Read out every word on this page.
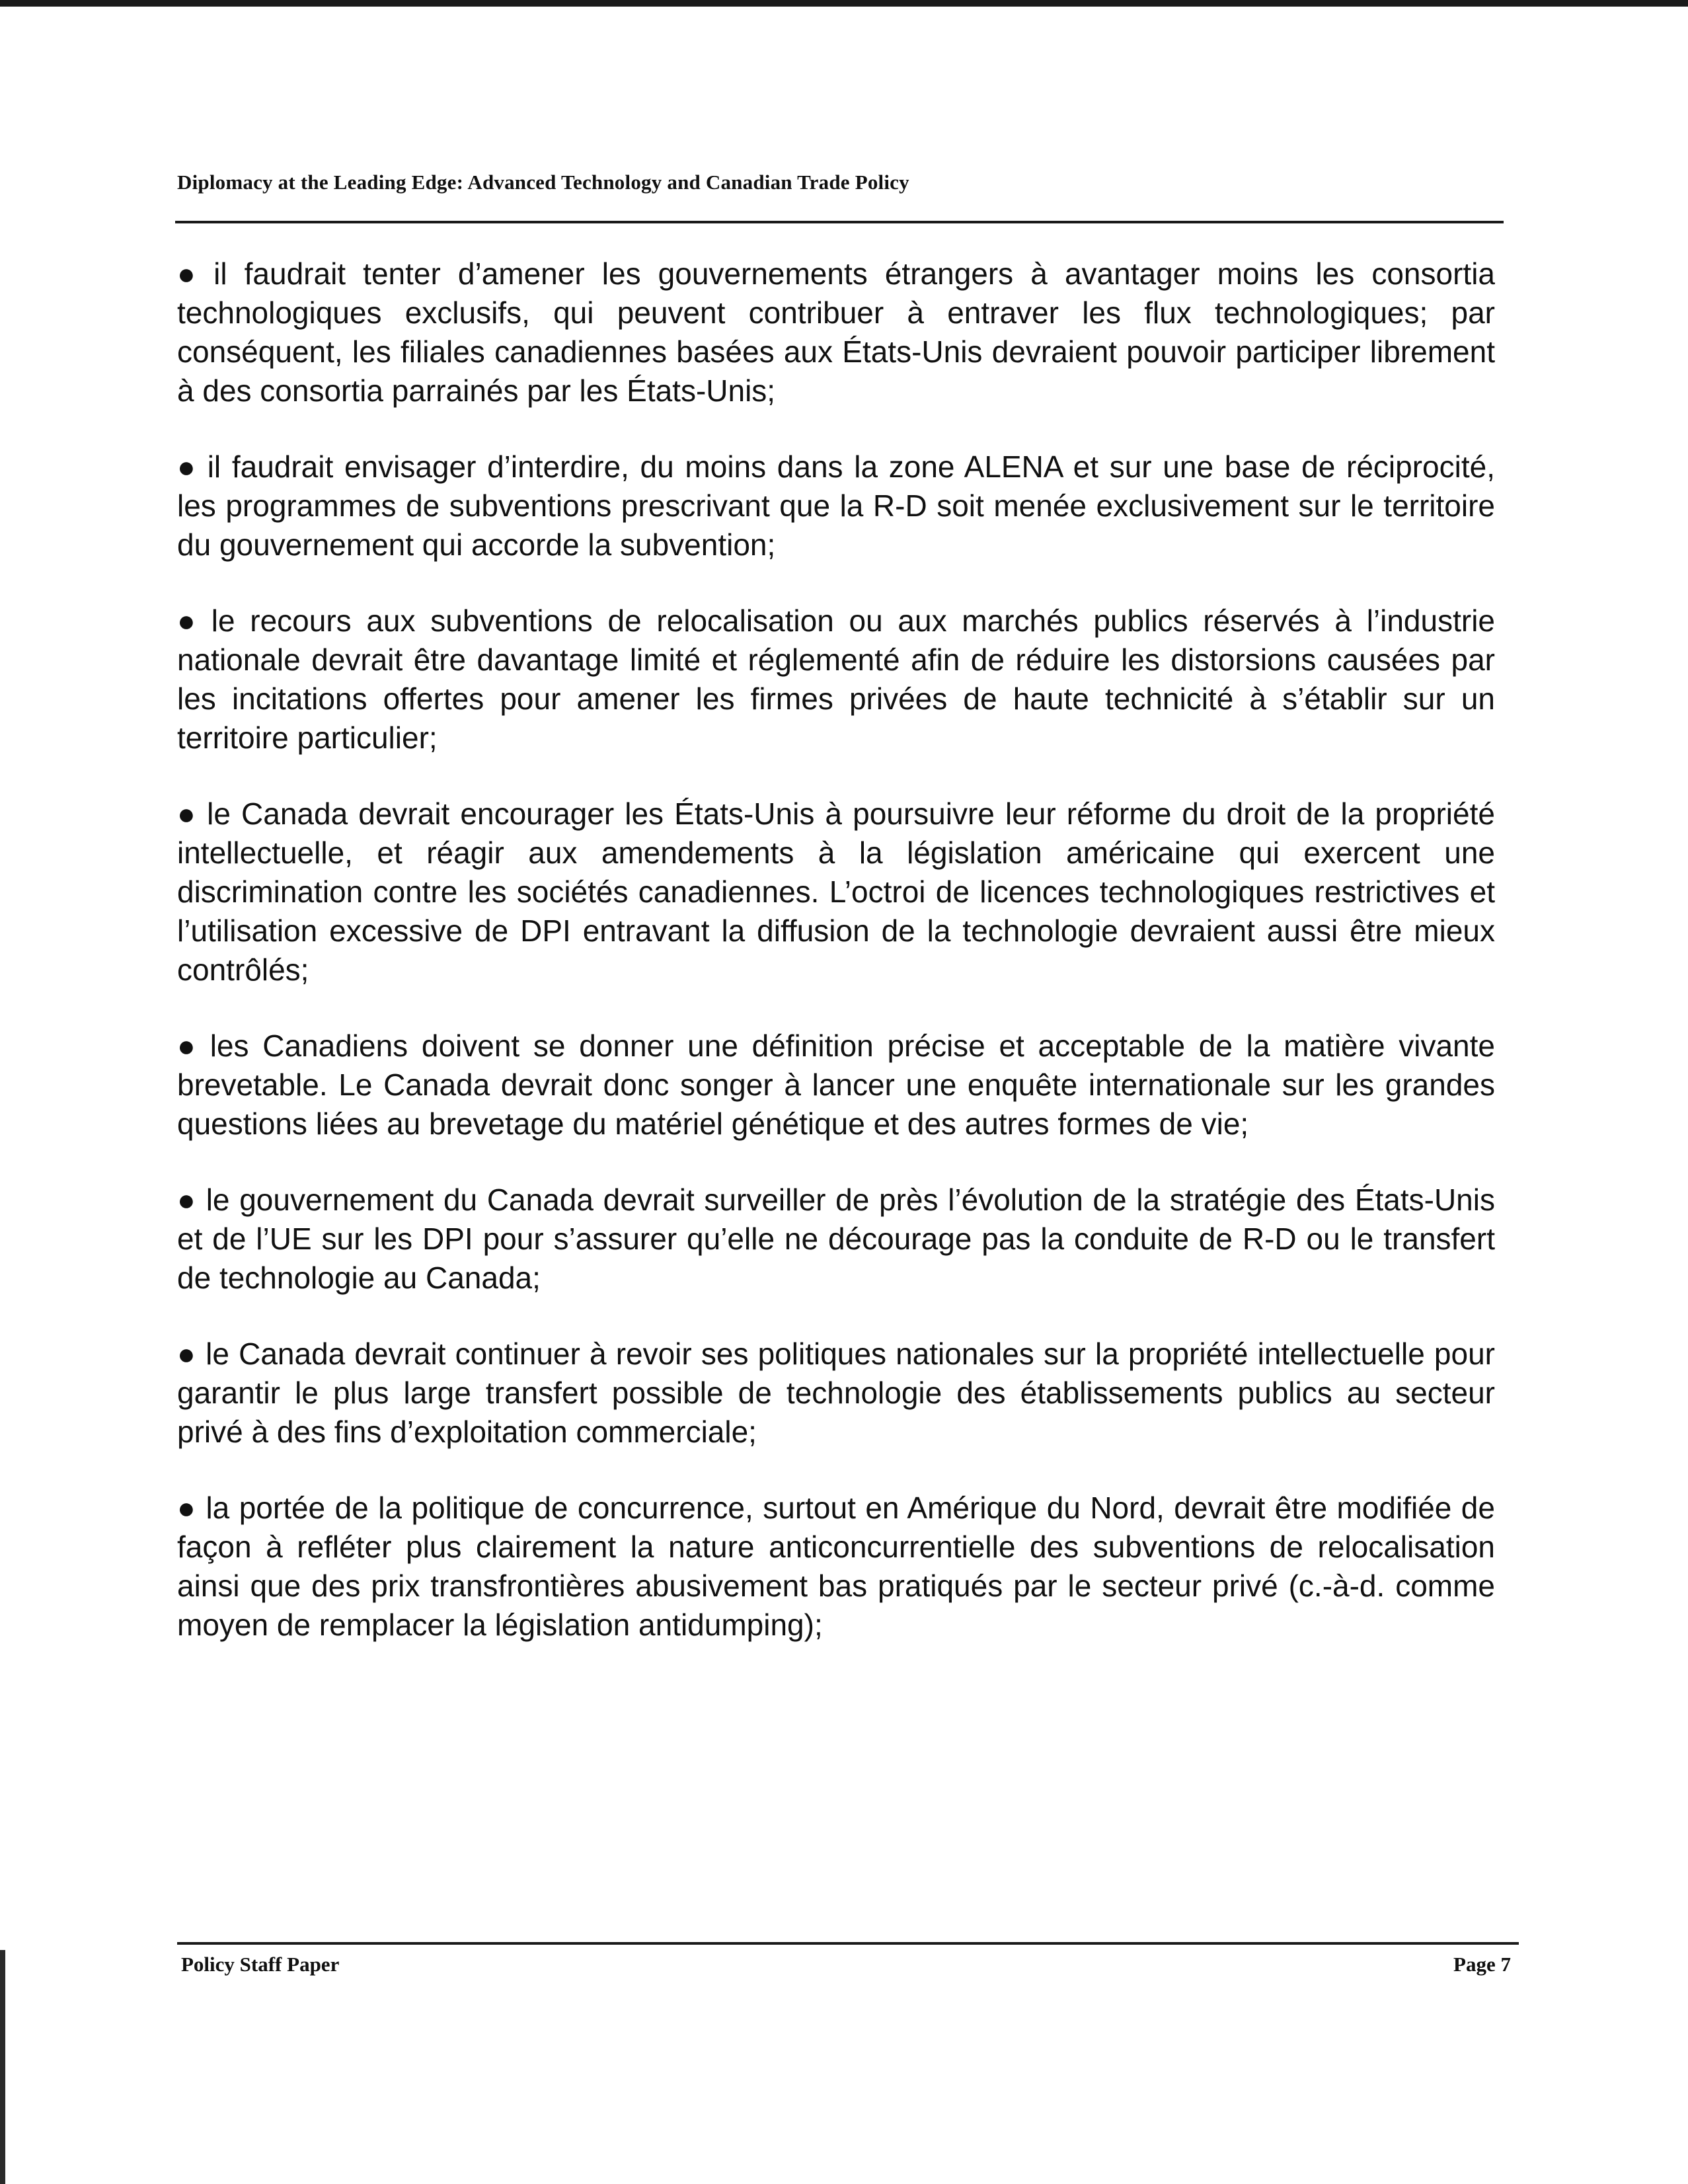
Diplomacy at the Leading Edge: Advanced Technology and Canadian Trade Policy

● il faudrait tenter d’amener les gouvernements étrangers à avantager moins les consortia technologiques exclusifs, qui peuvent contribuer à entraver les flux technologiques; par conséquent, les filiales canadiennes basées aux États-Unis devraient pouvoir participer librement à des consortia parrainés par les États-Unis;

● il faudrait envisager d’interdire, du moins dans la zone ALENA et sur une base de réciprocité, les programmes de subventions prescrivant que la R-D soit menée exclusivement sur le territoire du gouvernement qui accorde la subvention;

● le recours aux subventions de relocalisation ou aux marchés publics réservés à l’industrie nationale devrait être davantage limité et réglementé afin de réduire les distorsions causées par les incitations offertes pour amener les firmes privées de haute technicité à s’établir sur un territoire particulier;

● le Canada devrait encourager les États-Unis à poursuivre leur réforme du droit de la propriété intellectuelle, et réagir aux amendements à la législation américaine qui exercent une discrimination contre les sociétés canadiennes. L’octroi de licences technologiques restrictives et l’utilisation excessive de DPI entravant la diffusion de la technologie devraient aussi être mieux contrôlés;

● les Canadiens doivent se donner une définition précise et acceptable de la matière vivante brevetable. Le Canada devrait donc songer à lancer une enquête internationale sur les grandes questions liées au brevetage du matériel génétique et des autres formes de vie;

● le gouvernement du Canada devrait surveiller de près l’évolution de la stratégie des États-Unis et de l’UE sur les DPI pour s’assurer qu’elle ne décourage pas la conduite de R-D ou le transfert de technologie au Canada;

● le Canada devrait continuer à revoir ses politiques nationales sur la propriété intellectuelle pour garantir le plus large transfert possible de technologie des établissements publics au secteur privé à des fins d’exploitation commerciale;

● la portée de la politique de concurrence, surtout en Amérique du Nord, devrait être modifiée de façon à refléter plus clairement la nature anticoncurrentielle des subventions de relocalisation ainsi que des prix transfrontières abusivement bas pratiqués par le secteur privé (c.-à-d. comme moyen de remplacer la législation antidumping);

Policy Staff Paper	Page 7
